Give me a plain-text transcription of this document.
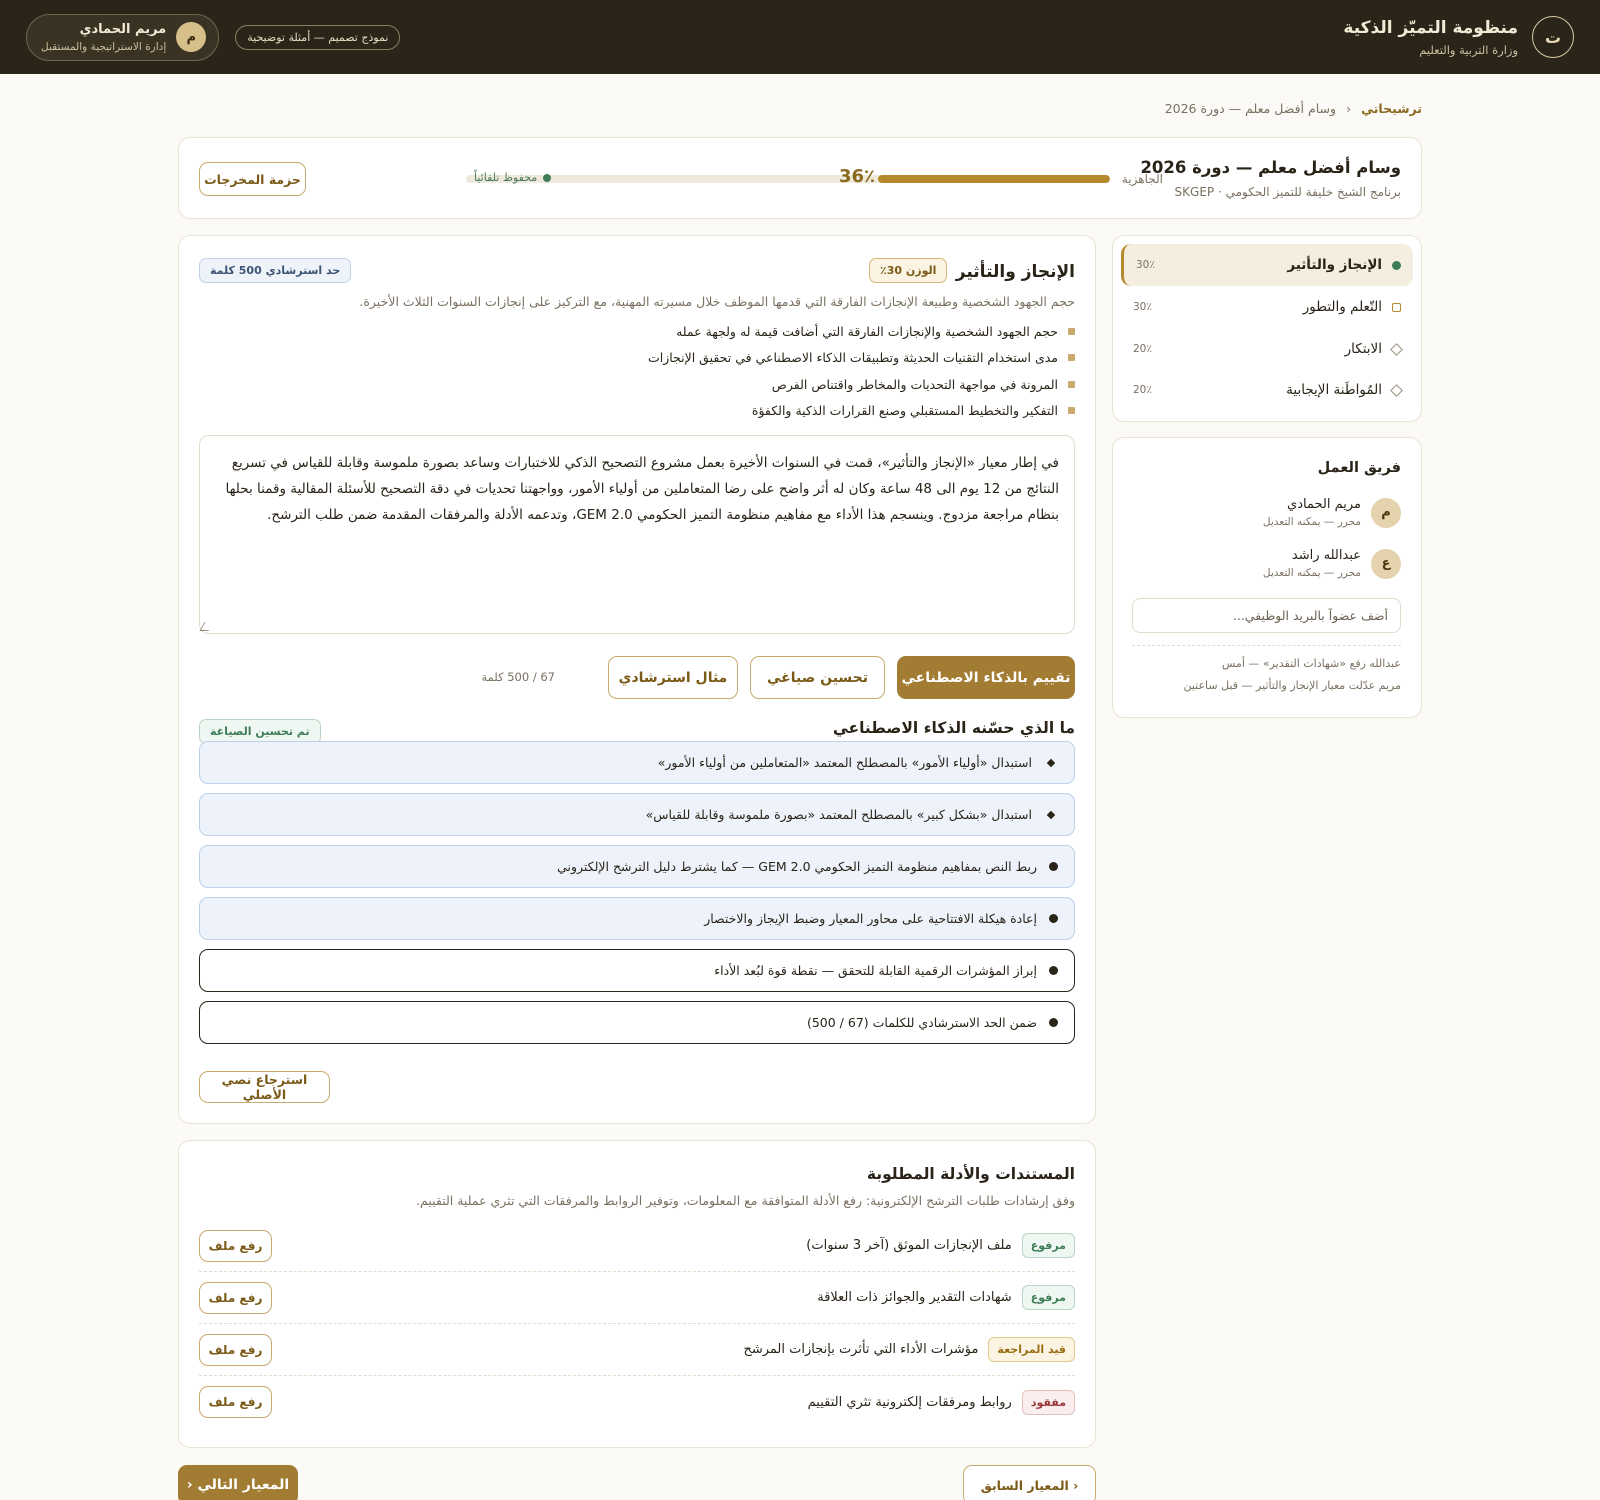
ت
منظومة التميّز الذكية
وزارة التربية والتعليم
م
مريم الحمادي
إدارة الاستراتيجية والمستقبل
نموذج تصميم — أمثلة توضيحية
ترشيحاتي
‹
وسام أفضل معلم — دورة 2026
وسام أفضل معلم — دورة 2026
برنامج الشيخ خليفة للتميز الحكومي · SKGEP
الجاهزية
36٪
محفوظ تلقائياً
حزمة المخرجات
الإنجاز والتأثير
30٪
التّعلم والتطور
30٪
الابتكار
20٪
المُواطَنة الإيجابية
20٪
فريق العمل
م
مريم الحمادي
محرر — يمكنه التعديل
ع
عبدالله راشد
محرر — يمكنه التعديل
أضف عضواً بالبريد الوظيفي...
عبدالله رفع «شهادات التقدير» — أمس
مريم عدّلت معيار الإنجاز والتأثير — قبل ساعتين
الإنجاز والتأثير
الوزن 30٪
حد استرشادي 500 كلمة
حجم الجهود الشخصية وطبيعة الإنجازات الفارقة التي قدمها الموظف خلال مسيرته المهنية، مع التركيز على إنجازات السنوات الثلاث الأخيرة.
حجم الجهود الشخصية والإنجازات الفارقة التي أضافت قيمة له ولجهة عمله
مدى استخدام التقنيات الحديثة وتطبيقات الذكاء الاصطناعي في تحقيق الإنجازات
المرونة في مواجهة التحديات والمخاطر واقتناص الفرص
التفكير والتخطيط المستقبلي وصنع القرارات الذكية والكفؤة
في إطار معيار «الإنجاز والتأثير»، قمت في السنوات الأخيرة بعمل مشروع التصحيح الذكي للاختبارات وساعد بصورة ملموسة وقابلة للقياس في تسريع النتائج من 12 يوم الى 48 ساعة وكان له أثر واضح على رضا المتعاملين من أولياء الأمور، وواجهتنا تحديات في دقة التصحيح للأسئلة المقالية وقمنا بحلها بنظام مراجعة مزدوج. وينسجم هذا الأداء مع مفاهيم منظومة التميز الحكومي GEM 2.0، وتدعمه الأدلة والمرفقات المقدمة ضمن طلب الترشح.
تقييم بالذكاء الاصطناعي
تحسين صياغي
مثال استرشادي
67 / 500 كلمة
ما الذي حسّنه الذكاء الاصطناعي
تم تحسين الصياغة
استبدال «أولياء الأمور» بالمصطلح المعتمد «المتعاملين من أولياء الأمور»
استبدال «بشكل كبير» بالمصطلح المعتمد «بصورة ملموسة وقابلة للقياس»
ربط النص بمفاهيم منظومة التميز الحكومي GEM 2.0 — كما يشترط دليل الترشح الإلكتروني
إعادة هيكلة الافتتاحية على محاور المعيار وضبط الإيجاز والاختصار
إبراز المؤشرات الرقمية القابلة للتحقق — نقطة قوة لبُعد الأداء
ضمن الحد الاسترشادي للكلمات (67 / 500)
استرجاع نصي الأصلي
المستندات والأدلة المطلوبة
وفق إرشادات طلبات الترشح الإلكترونية: رفع الأدلة المتوافقة مع المعلومات، وتوفير الروابط والمرفقات التي تثري عملية التقييم.
مرفوع
ملف الإنجازات الموثق (آخر 3 سنوات)
رفع ملف
مرفوع
شهادات التقدير والجوائز ذات العلاقة
رفع ملف
قيد المراجعة
مؤشرات الأداء التي تأثرت بإنجازات المرشح
رفع ملف
مفقود
روابط ومرفقات إلكترونية تثري التقييم
رفع ملف
المعيار التالي ‹	‹ المعيار السابق
